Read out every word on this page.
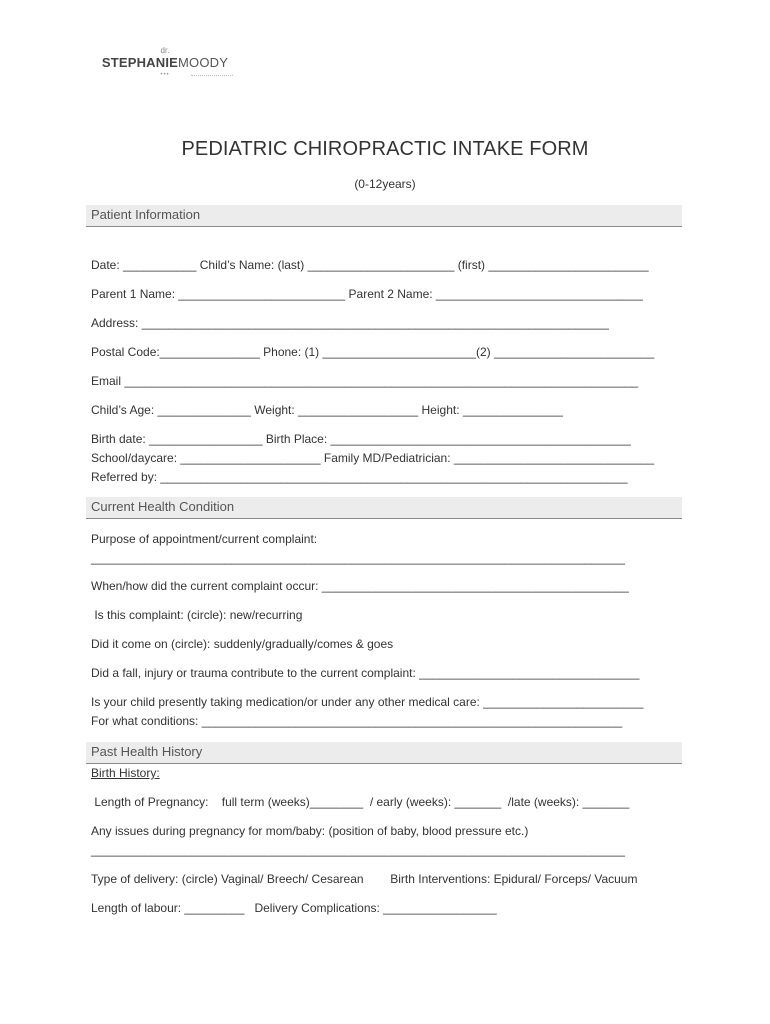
dr.
STEPHANIEMOODY
•••
PEDIATRIC CHIROPRACTIC INTAKE FORM
(0-12years)
Patient Information
Date: ___________ Child’s Name: (last) ______________________ (first) ________________________
Parent 1 Name: _________________________ Parent 2 Name: _______________________________
Address: ______________________________________________________________________
Postal Code:_______________ Phone: (1) _______________________(2) ________________________
Email _____________________________________________________________________________
Child’s Age: ______________ Weight: __________________ Height: _______________
Birth date: _________________ Birth Place: _____________________________________________
School/daycare: _____________________ Family MD/Pediatrician: ______________________________
Referred by: ______________________________________________________________________
Current Health Condition
Purpose of appointment/current complaint:
________________________________________________________________________________
When/how did the current complaint occur: ______________________________________________
Is this complaint: (circle): new/recurring
Did it come on (circle): suddenly/gradually/comes & goes
Did a fall, injury or trauma contribute to the current complaint: _________________________________
Is your child presently taking medication/or under any other medical care: ________________________
For what conditions: _______________________________________________________________
Past Health History
Birth History:
Length of Pregnancy:    full term (weeks)________  / early (weeks): _______  /late (weeks): _______
Any issues during pregnancy for mom/baby: (position of baby, blood pressure etc.)
________________________________________________________________________________
Type of delivery: (circle) Vaginal/ Breech/ Cesarean        Birth Interventions: Epidural/ Forceps/ Vacuum
Length of labour: _________   Delivery Complications: _________________
